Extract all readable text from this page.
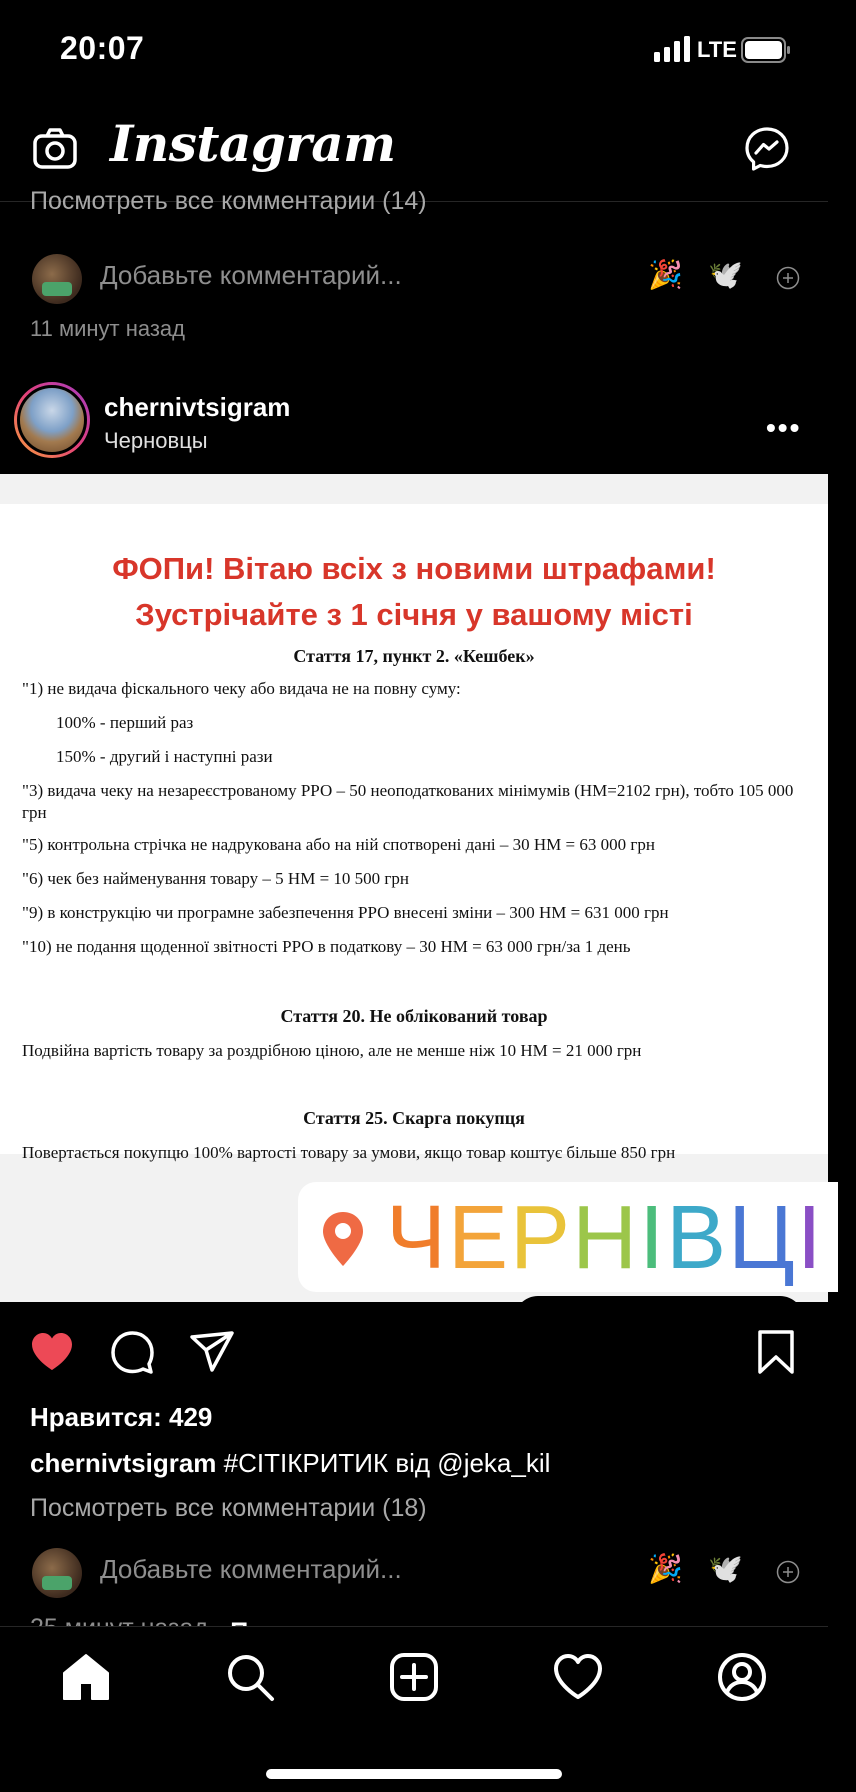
20:07	LTE
Instagram
Посмотреть все комментарии (14)
Добавьте комментарий...	🎉 🕊️
11 минут назад
chernivtsigram
Черновцы	•••
ФОПи! Вітаю всіх з новими штрафами!
Зустрічайте з 1 січня у вашому місті
Стаття 17, пункт 2. «Кешбек»
"1) не видача фіскального чеку або видача не на повну суму:
100% - перший раз
150% - другий і наступні рази
"3) видача чеку на незареєстрованому РРО – 50 неоподаткованих мінімумів (НМ=2102 грн), тобто 105 000 грн
"5) контрольна стрічка не надрукована або на ній спотворені дані – 30 НМ = 63 000 грн
"6) чек без найменування товару – 5 НМ = 10 500 грн
"9) в конструкцію чи програмне забезпечення РРО внесені зміни – 300 НМ = 631 000 грн
"10) не подання щоденної звітності РРО в податкову – 30 НМ = 63 000 грн/за 1 день
Стаття 20. Не облікований товар
Подвійна вартість товару за роздрібною ціною, але не менше ніж 10 НМ = 21 000 грн
Стаття 25. Скарга покупця
Повертається покупцю 100% вартості товару за умови, якщо товар коштує більше 850 грн
ЧЕРНІВЦІ
Нравится: 429
chernivtsigram #CITIКРИТИК від @jeka_kil
Посмотреть все комментарии (18)
Добавьте комментарий...	🎉 🕊️
